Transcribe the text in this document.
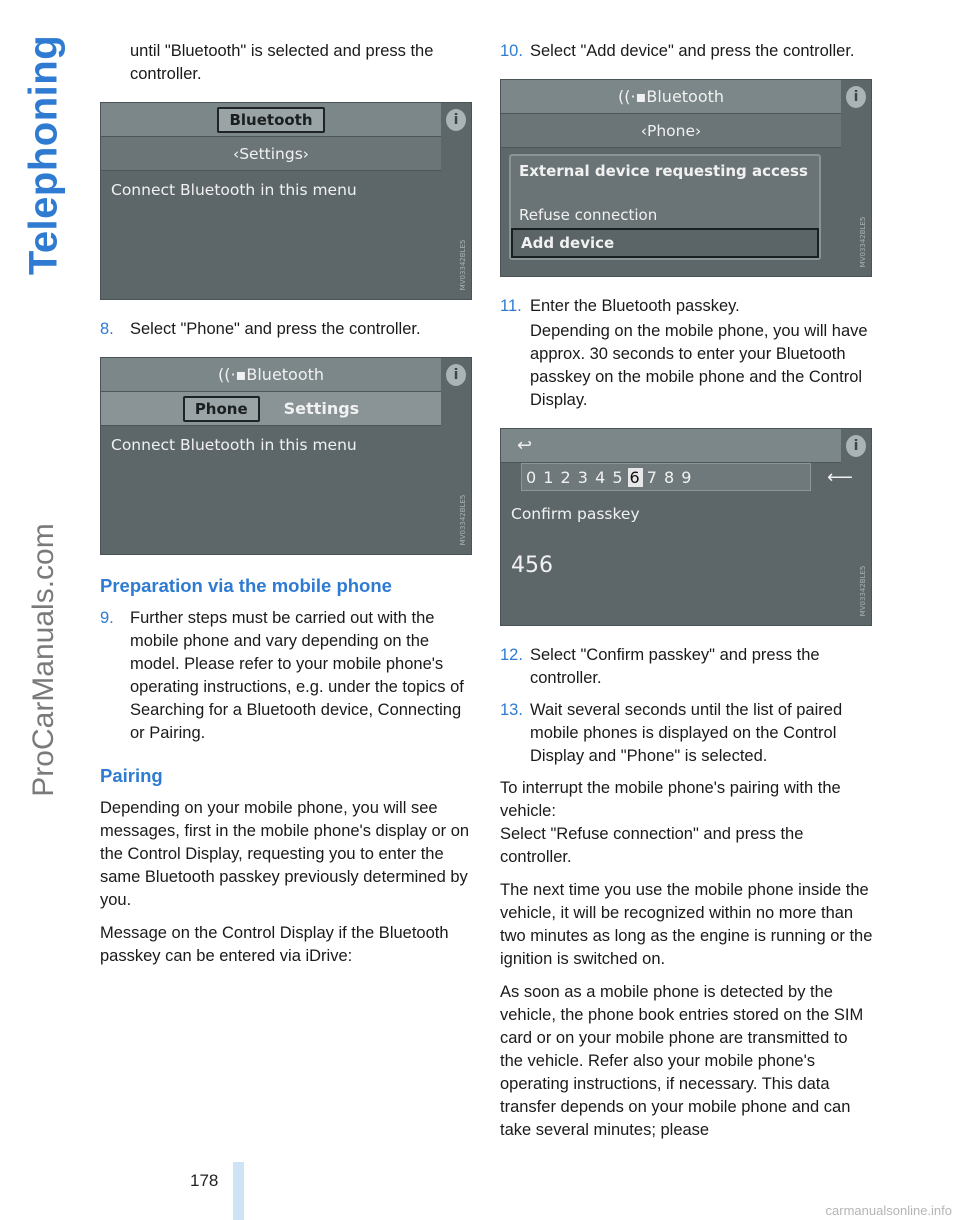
Telephoning
ProCarManuals.com

until "Bluetooth" is selected and press the controller.

Bluetooth
‹ Settings ›
i
Connect Bluetooth in this menu
MV03342BLE5
8. Select "Phone" and press the controller.
((·▪ Bluetooth
Phone	Settings
i
Connect Bluetooth in this menu
MV03342BLE5
Preparation via the mobile phone
9. Further steps must be carried out with the mobile phone and vary depending on the model. Please refer to your mobile phone's operating instructions, e.g. under the topics of Searching for a Bluetooth device, Connecting or Pairing.
Pairing

Depending on your mobile phone, you will see messages, first in the mobile phone's display or on the Control Display, requesting you to enter the same Bluetooth passkey previously determined by you.

Message on the Control Display if the Bluetooth passkey can be entered via iDrive:

10. Select "Add device" and press the controller.
((·▪ Bluetooth
‹ Phone ›
i
External device requesting access
Refuse connection
Add device	MV03342BLE5
11. Enter the Bluetooth passkey.

Depending on the mobile phone, you will have approx. 30 seconds to enter your Bluetooth passkey on the mobile phone and the Control Display.

↩	i
0 1 2 3 4 5 6 7 8 9	⟵
Confirm passkey
456
MV03342BLE5
12. Select "Confirm passkey" and press the controller.
13. Wait several seconds until the list of paired mobile phones is displayed on the Control Display and "Phone" is selected.

To interrupt the mobile phone's pairing with the vehicle:
Select "Refuse connection" and press the controller.

The next time you use the mobile phone inside the vehicle, it will be recognized within no more than two minutes as long as the engine is running or the ignition is switched on.

As soon as a mobile phone is detected by the vehicle, the phone book entries stored on the SIM card or on your mobile phone are transmitted to the vehicle. Refer also your mobile phone's operating instructions, if necessary. This data transfer depends on your mobile phone and can take several minutes; please

178
carmanualsonline.info
